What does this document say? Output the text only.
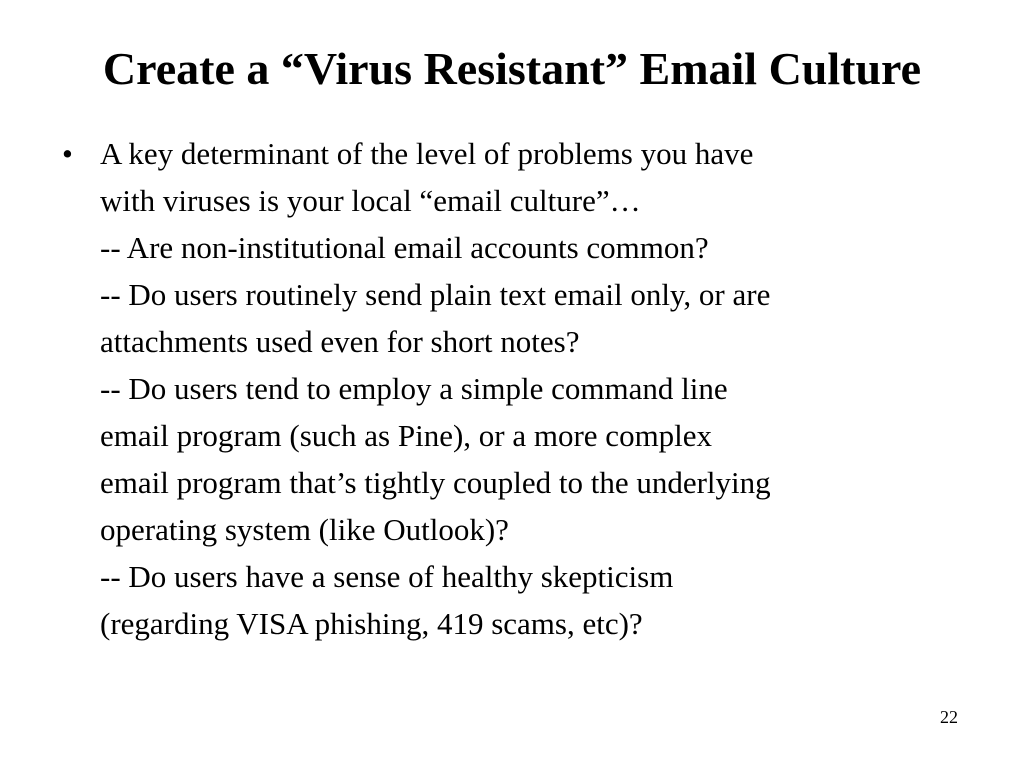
Create a “Virus Resistant” Email Culture
• A key determinant of the level of problems you have
with viruses is your local “email culture”…
-- Are non-institutional email accounts common?
-- Do users routinely send plain text email only, or are
attachments used even for short notes?
-- Do users tend to employ a simple command line
email program (such as Pine), or a more complex
email program that’s tightly coupled to the underlying
operating system (like Outlook)?
-- Do users have a sense of healthy skepticism
(regarding VISA phishing, 419 scams, etc)?
22
